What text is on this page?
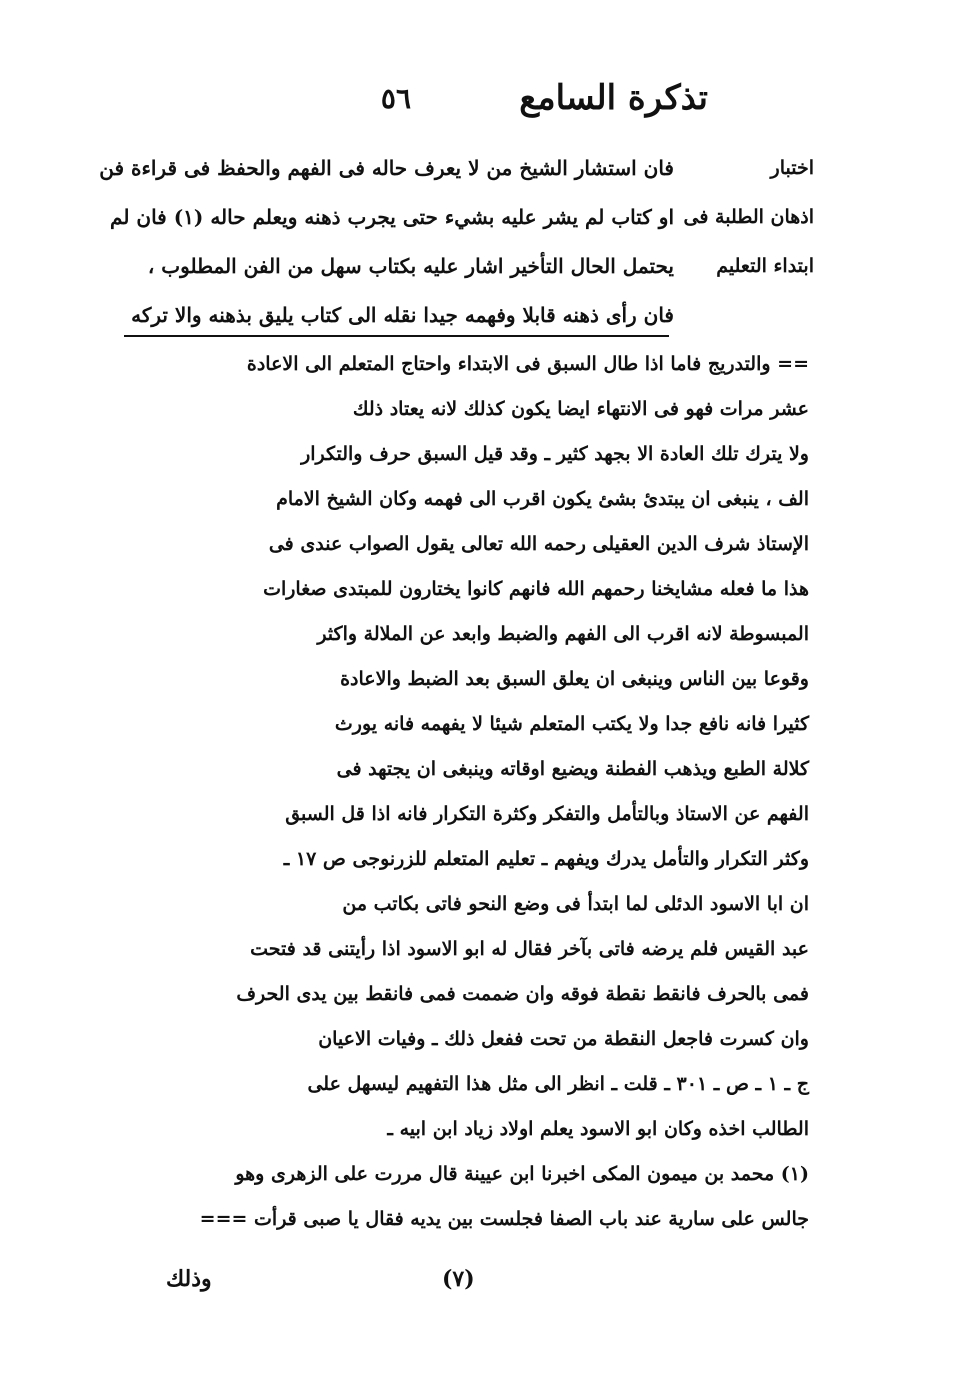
تذكرة السامع
٥٦
اختبار
اذهان الطلبة فى
ابتداء التعليم
فان استشار الشيخ من لا يعرف حاله فى الفهم والحفظ فى قراءة فن
او كتاب لم يشر عليه بشيء حتى يجرب ذهنه ويعلم حاله (١) فان لم
يحتمل الحال التأخير اشار عليه بكتاب سهل من الفن المطلوب ،
فان رأى ذهنه قابلا وفهمه جيدا نقله الى كتاب يليق بذهنه والا تركه
== والتدريج فاما اذا طال السبق فى الابتداء واحتاج المتعلم الى الاعادة
عشر مرات فهو فى الانتهاء ايضا يكون كذلك لانه يعتاد ذلك
ولا يترك تلك العادة الا بجهد كثير ـ وقد قيل السبق حرف والتكرار
الف ، ينبغى ان يبتدئ بشئ يكون اقرب الى فهمه وكان الشيخ الامام
الإستاذ شرف الدين العقيلى رحمه الله تعالى يقول الصواب عندى فى
هذا ما فعله مشايخنا رحمهم الله فانهم كانوا يختارون للمبتدى صغارات
المبسوطة لانه اقرب الى الفهم والضبط وابعد عن الملالة واكثر
وقوعا بين الناس وينبغى ان يعلق السبق بعد الضبط والاعادة
كثيرا فانه نافع جدا ولا يكتب المتعلم شيئا لا يفهمه فانه يورث
كلالة الطبع ويذهب الفطنة ويضيع اوقاته وينبغى ان يجتهد فى
الفهم عن الاستاذ وبالتأمل والتفكر وكثرة التكرار فانه اذا قل السبق
وكثر التكرار والتأمل يدرك ويفهم ـ تعليم المتعلم للزرنوجى ص ١٧ ـ
ان ابا الاسود الدئلى لما ابتدأ فى وضع النحو فاتى بكاتب من
عبد القيس فلم يرضه فاتى بآخر فقال له ابو الاسود اذا رأيتنى قد فتحت
فمى بالحرف فانقط نقطة فوقه وان ضممت فمى فانقط بين يدى الحرف
وان كسرت فاجعل النقطة من تحت ففعل ذلك ـ وفيات الاعيان
ج ـ ١ ـ ص ـ ٣٠١ ـ قلت ـ انظر الى مثل هذا التفهيم ليسهل على
الطالب اخذه وكان ابو الاسود يعلم اولاد زياد ابن ابيه ـ
(١) محمد بن ميمون المكى اخبرنا ابن عيينة قال مررت على الزهرى وهو
جالس على سارية عند باب الصفا فجلست بين يديه فقال يا صبى قرأت ===
(٧)
وذلك
